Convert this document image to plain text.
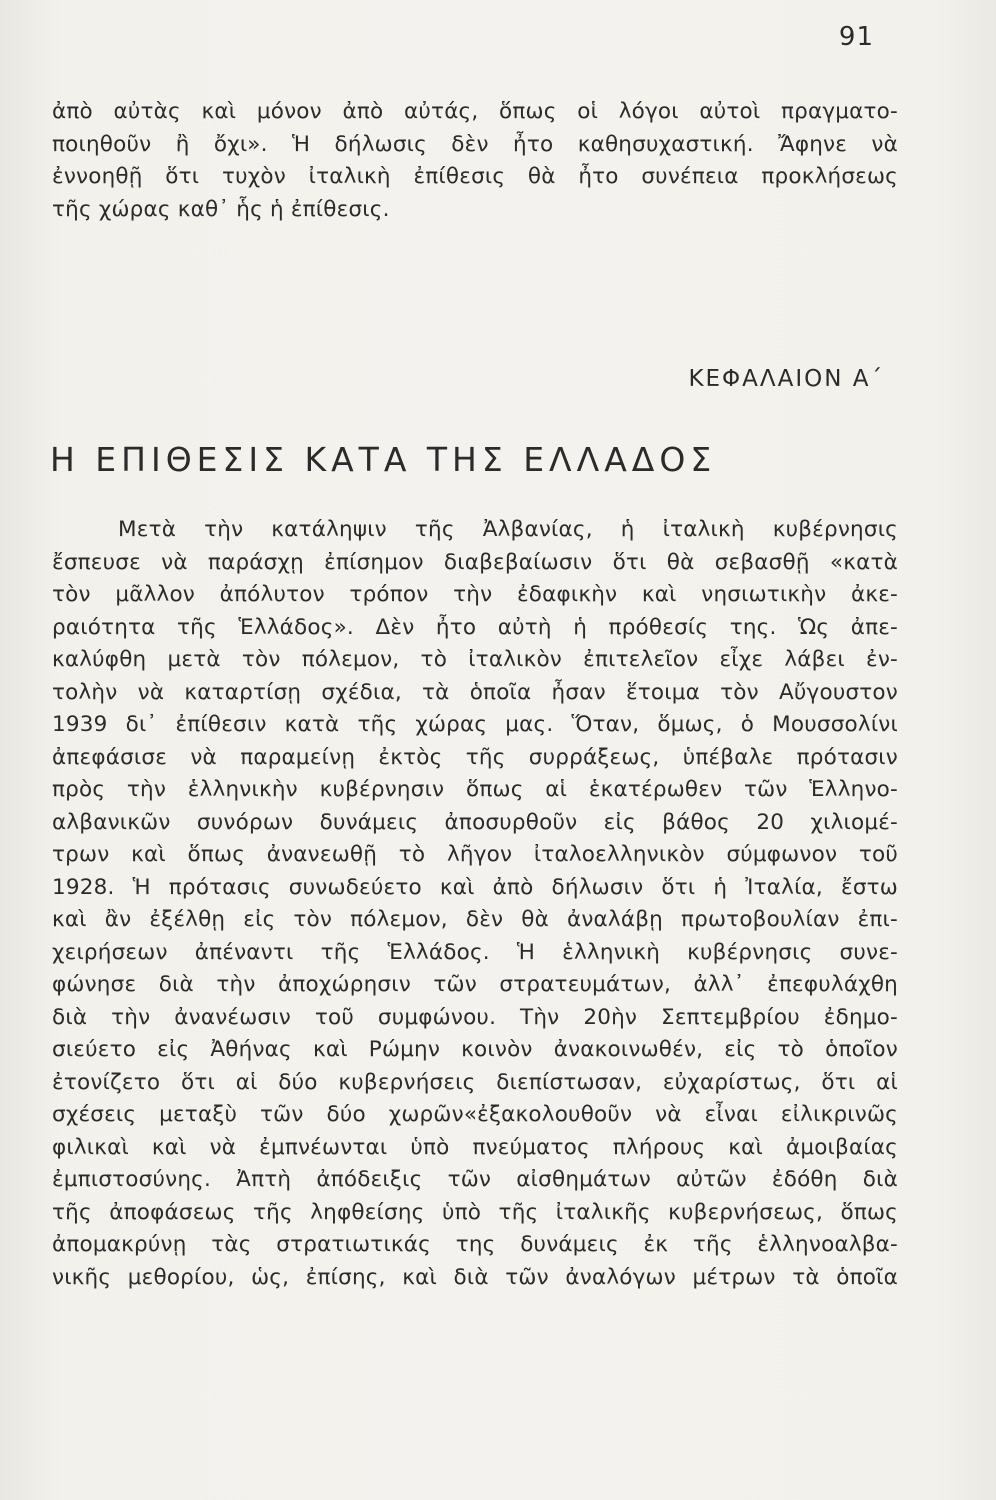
91
ἀπὸ αὐτὰς καὶ μόνον ἀπὸ αὐτάς, ὅπως οἱ λόγοι αὐτοὶ πραγματο-
ποιηθοῦν ἢ ὄχι». Ἡ δήλωσις δὲν ἦτο καθησυχαστική. Ἄφηνε νὰ
ἐννοηθῇ ὅτι τυχὸν ἰταλικὴ ἐπίθεσις θὰ ἦτο συνέπεια προκλήσεως
τῆς χώρας καθ᾽ ἧς ἡ ἐπίθεσις.
ΚΕΦΑΛΑΙΟΝ Α΄
Η ΕΠΙΘΕΣΙΣ ΚΑΤΑ ΤΗΣ ΕΛΛΑΔΟΣ
Μετὰ τὴν κατάληψιν τῆς Ἀλβανίας, ἡ ἰταλικὴ κυβέρνησις
ἔσπευσε νὰ παράσχῃ ἐπίσημον διαβεβαίωσιν ὅτι θὰ σεβασθῇ «κατὰ
τὸν μᾶλλον ἀπόλυτον τρόπον τὴν ἐδαφικὴν καὶ νησιωτικὴν ἀκε-
ραιότητα τῆς Ἑλλάδος». Δὲν ἦτο αὐτὴ ἡ πρόθεσίς της. Ὡς ἀπε-
καλύφθη μετὰ τὸν πόλεμον, τὸ ἰταλικὸν ἐπιτελεῖον εἶχε λάβει ἐν-
τολὴν νὰ καταρτίσῃ σχέδια, τὰ ὁποῖα ἦσαν ἕτοιμα τὸν Αὔγουστον
1939 δι᾽ ἐπίθεσιν κατὰ τῆς χώρας μας. Ὅταν, ὅμως, ὁ Μουσσολίνι
ἀπεφάσισε νὰ παραμείνῃ ἐκτὸς τῆς συρράξεως, ὑπέβαλε πρότασιν
πρὸς τὴν ἑλληνικὴν κυβέρνησιν ὅπως αἱ ἑκατέρωθεν τῶν Ἑλληνο-
αλβανικῶν συνόρων δυνάμεις ἀποσυρθοῦν εἰς βάθος 20 χιλιομέ-
τρων καὶ ὅπως ἀνανεωθῇ τὸ λῆγον ἰταλοελληνικὸν σύμφωνον τοῦ
1928. Ἡ πρότασις συνωδεύετο καὶ ἀπὸ δήλωσιν ὅτι ἡ Ἰταλία, ἔστω
καὶ ἂν ἐξέλθῃ εἰς τὸν πόλεμον, δὲν θὰ ἀναλάβῃ πρωτοβουλίαν ἐπι-
χειρήσεων ἀπέναντι τῆς Ἑλλάδος. Ἡ ἑλληνικὴ κυβέρνησις συνε-
φώνησε διὰ τὴν ἀποχώρησιν τῶν στρατευμάτων, ἀλλ᾽ ἐπεφυλάχθη
διὰ τὴν ἀνανέωσιν τοῦ συμφώνου. Τὴν 20ὴν Σεπτεμβρίου ἐδημο-
σιεύετο εἰς Ἀθήνας καὶ Ρώμην κοινὸν ἀνακοινωθέν, εἰς τὸ ὁποῖον
ἐτονίζετο ὅτι αἱ δύο κυβερνήσεις διεπίστωσαν, εὐχαρίστως, ὅτι αἱ
σχέσεις μεταξὺ τῶν δύο χωρῶν«ἐξακολουθοῦν νὰ εἶναι εἰλικρινῶς
φιλικαὶ καὶ νὰ ἐμπνέωνται ὑπὸ πνεύματος πλήρους καὶ ἀμοιβαίας
ἐμπιστοσύνης. Ἀπτὴ ἀπόδειξις τῶν αἰσθημάτων αὐτῶν ἐδόθη διὰ
τῆς ἀποφάσεως τῆς ληφθείσης ὑπὸ τῆς ἰταλικῆς κυβερνήσεως, ὅπως
ἀπομακρύνῃ τὰς στρατιωτικάς της δυνάμεις ἐκ τῆς ἑλληνοαλβα-
νικῆς μεθορίου, ὡς, ἐπίσης, καὶ διὰ τῶν ἀναλόγων μέτρων τὰ ὁποῖα
